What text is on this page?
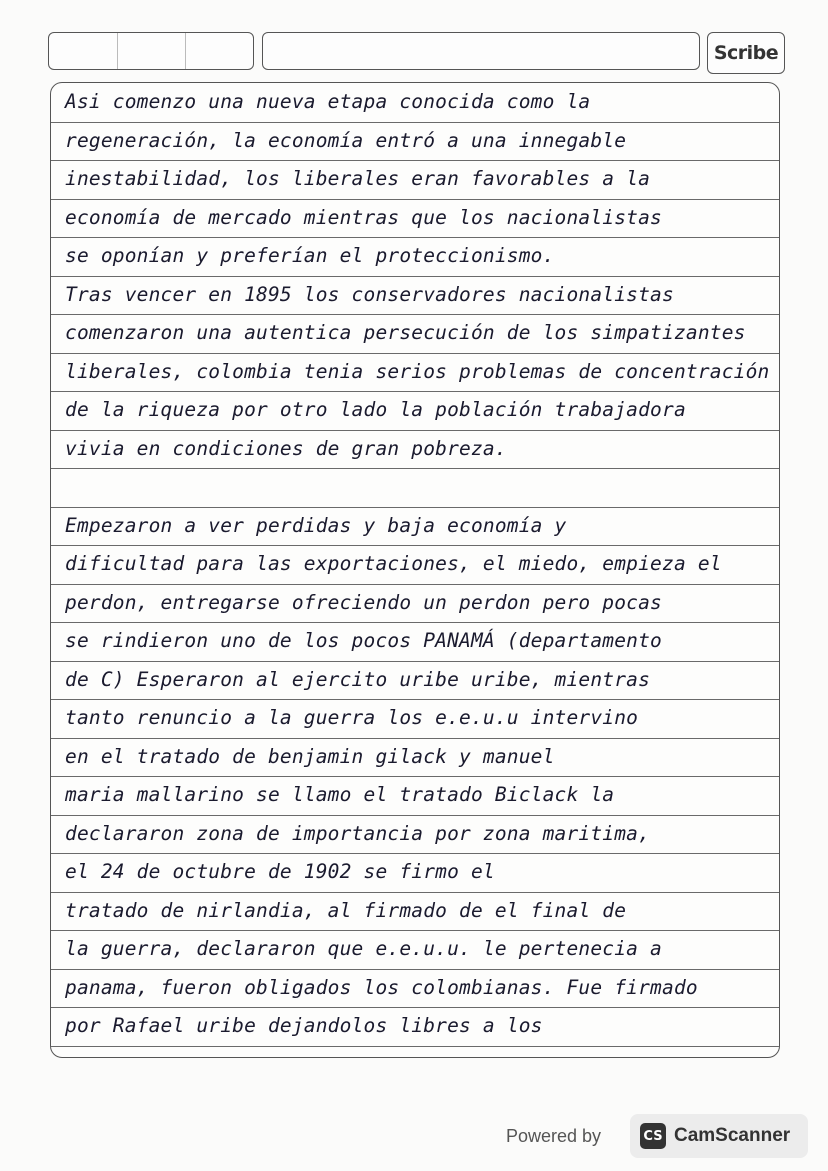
Scribe
Asi comenzo una nueva etapa conocida como la
regeneración, la economía entró a una innegable
inestabilidad, los liberales eran favorables a la
economía de mercado mientras que los nacionalistas
se oponían y preferían el proteccionismo.
Tras vencer en 1895 los conservadores nacionalistas
comenzaron una autentica persecución de los simpatizantes
liberales, colombia tenia serios problemas de concentración
de la riqueza por otro lado la población trabajadora
vivia en condiciones de gran pobreza.
Empezaron a ver perdidas y baja economía y
dificultad para las exportaciones, el miedo, empieza el
perdon, entregarse ofreciendo un perdon pero pocas
se rindieron uno de los pocos PANAMÁ (departamento
de C) Esperaron al ejercito uribe uribe, mientras
tanto renuncio a la guerra los e.e.u.u intervino
en el tratado de benjamin gilack y manuel
maria mallarino se llamo el tratado Biclack la
declararon zona de importancia por zona maritima,
el 24 de octubre de 1902 se firmo el
tratado de nirlandia, al firmado de el final de
la guerra, declararon que e.e.u.u. le pertenecia a
panama, fueron obligados los colombianas. Fue firmado
por Rafael uribe dejandolos libres a los
Powered by	CS CamScanner
